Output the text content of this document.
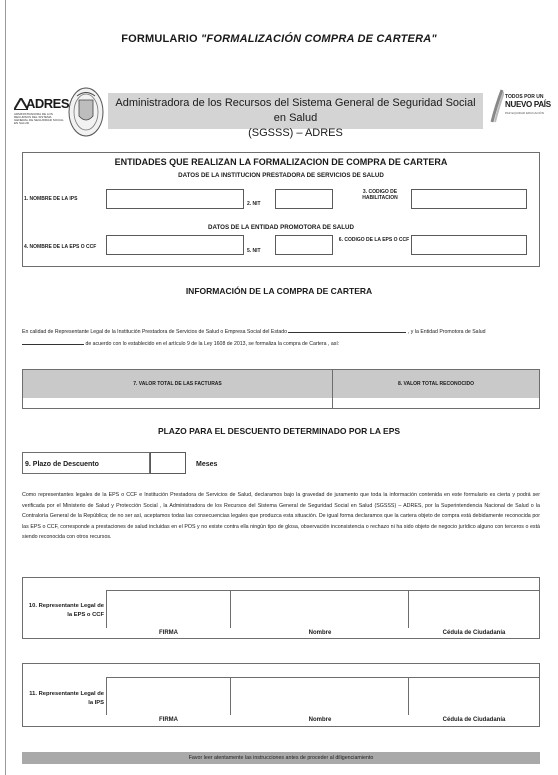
FORMULARIO "FORMALIZACIÓN COMPRA DE CARTERA"
ADRES
ADMINISTRADORA DE LOS RECURSOS DEL SISTEMA GENERAL DE SEGURIDAD SOCIAL EN SALUD
Administradora de los Recursos del Sistema General de Seguridad Social en Salud
(SGSSS) – ADRES
TODOS POR UN
NUEVO PAÍS
PAZ EQUIDAD EDUCACIÓN
ENTIDADES QUE REALIZAN LA FORMALIZACION DE COMPRA DE CARTERA
DATOS DE LA INSTITUCION PRESTADORA DE SERVICIOS DE SALUD
1. NOMBRE DE LA IPS
2. NIT
3. CODIGO DE HABILITACION
DATOS DE LA ENTIDAD PROMOTORA DE SALUD
4. NOMBRE DE LA EPS O CCF
5. NIT
6. CODIGO DE LA EPS O CCF
INFORMACIÓN DE LA COMPRA DE CARTERA
En calidad de Representante Legal de la Institución Prestadora de Servicios de Salud o Empresa Social del Estado	, y la Entidad Promotora de Salud
de acuerdo con lo establecido en el artículo 9 de la Ley 1608 de 2013, se formaliza la compra de Cartera , así:
7. VALOR TOTAL DE LAS FACTURAS	8. VALOR TOTAL RECONOCIDO
PLAZO PARA EL DESCUENTO DETERMINADO POR LA EPS
9. Plazo de Descuento	Meses
Como representantes legales de la EPS o CCF e Institución Prestadora de Servicios de Salud, declaramos bajo la gravedad de juramento que toda la información contenida en este formulario es cierta y podrá ser verificada por el Ministerio de Salud y Protección Social , la Administradora de los Recursos del Sistema General de Seguridad Social en Salud (SGSSS) – ADRES, por la Superintendencia Nacional de Salud o la Contraloría General de la República; de no ser así, aceptamos todas las consecuencias legales que produzca esta situación. De igual forma declaramos que la cartera objeto de compra está debidamente reconocida por las EPS o CCF, corresponde a prestaciones de salud incluidas en el POS y no existe contra ella ningún tipo de glosa, observación inconsistencia o rechazo ni ha sido objeto de negocio jurídico alguno con terceros o está siendo reconocida con otros recursos.
10. Representante Legal de la EPS o CCF
FIRMA	Nombre	Cédula de Ciudadanía
11. Representante Legal de la IPS
FIRMA	Nombre	Cédula de Ciudadanía
Favor leer atentamente las instrucciones antes de proceder al diligenciamiento
